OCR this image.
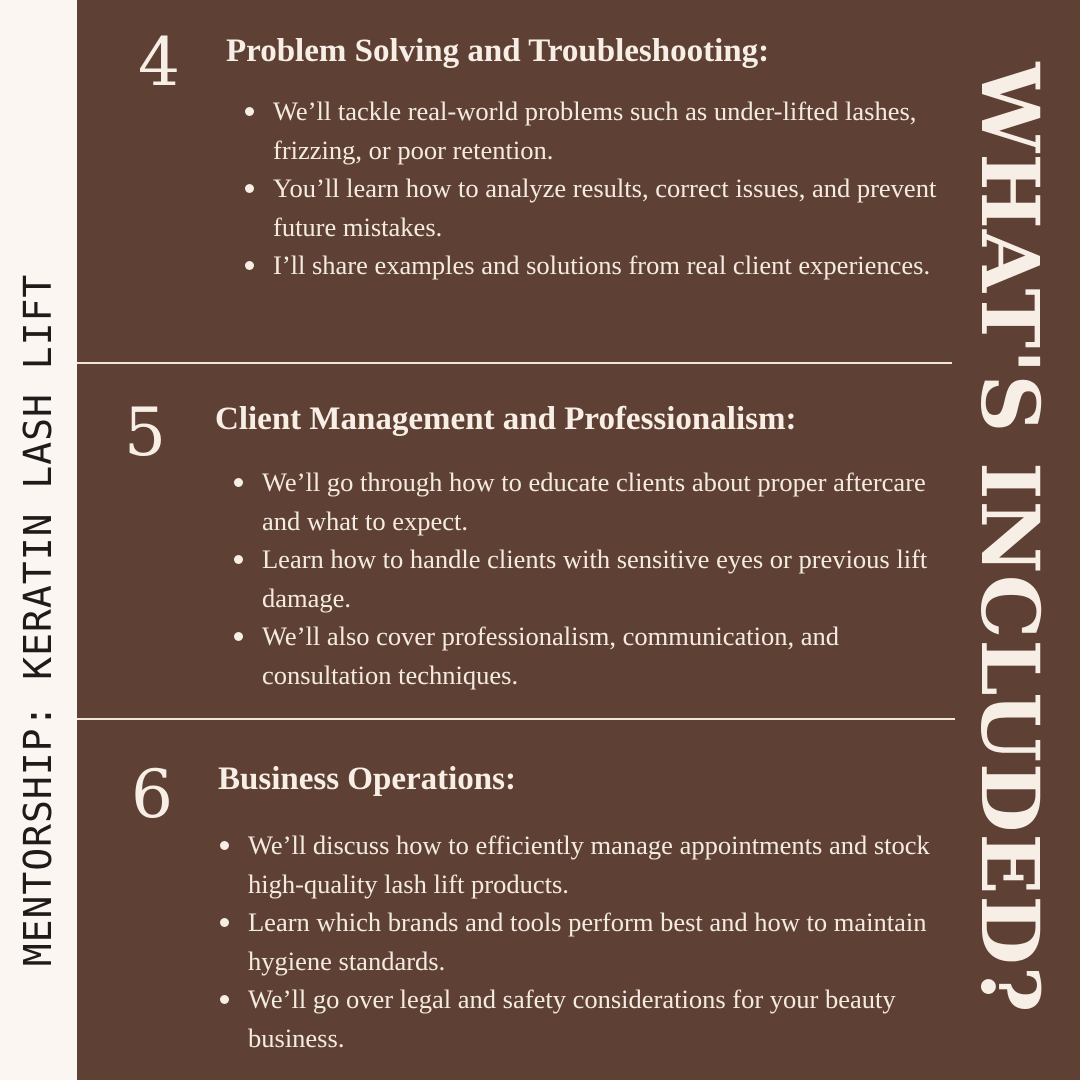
MENTORSHIP: KERATIN LASH LIFT	WHAT'S INCLUDED?
4 Problem Solving and Troubleshooting:
We’ll tackle real-world problems such as under-lifted lashes, frizzing, or poor retention.
You’ll learn how to analyze results, correct issues, and prevent future mistakes.
I’ll share examples and solutions from real client experiences.
5 Client Management and Professionalism:
We’ll go through how to educate clients about proper aftercare and what to expect.
Learn how to handle clients with sensitive eyes or previous lift damage.
We’ll also cover professionalism, communication, and consultation techniques.
6 Business Operations:
We’ll discuss how to efficiently manage appointments and stock high-quality lash lift products.
Learn which brands and tools perform best and how to maintain hygiene standards.
We’ll go over legal and safety considerations for your beauty business.
